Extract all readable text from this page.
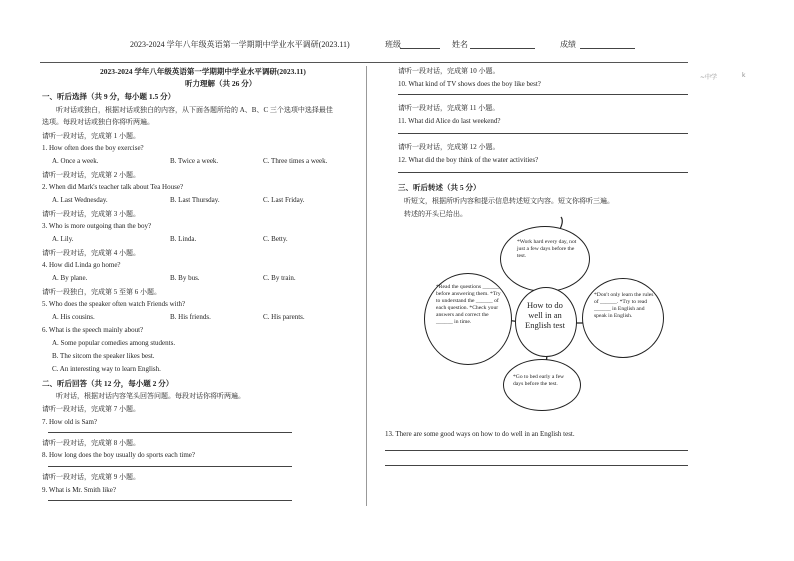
2023-2024 学年八年级英语第一学期期中学业水平调研(2023.11)	班级	姓名	成绩
~中学	k
2023-2024 学年八年级英语第一学期期中学业水平调研(2023.11)
听力理解（共 26 分）
一、听后选择（共 9 分，每小题 1.5 分）
听对话或独白，根据对话或独白的内容，从下面各题所给的 A、B、C 三个选项中选择最佳
选项。每段对话或独白你将听两遍。
请听一段对话，完成第 1 小题。
1. How often does the boy exercise?
A. Once a week.	B. Twice a week.	C. Three times a week.
请听一段对话，完成第 2 小题。
2. When did Mark's teacher talk about Tea House?
A. Last Wednesday.	B. Last Thursday.	C. Last Friday.
请听一段对话，完成第 3 小题。
3. Who is more outgoing than the boy?
A. Lily.	B. Linda.	C. Betty.
请听一段对话，完成第 4 小题。
4. How did Linda go home?
A. By plane.	B. By bus.	C. By train.
请听一段独白，完成第 5 至第 6 小题。
5. Who does the speaker often watch Friends with?
A. His cousins.	B. His friends.	C. His parents.
6. What is the speech mainly about?
A. Some popular comedies among students.
B. The sitcom the speaker likes best.
C. An interesting way to learn English.
二、听后回答（共 12 分，每小题 2 分）
听对话，根据对话内容笔头回答问题。每段对话你将听两遍。
请听一段对话，完成第 7 小题。
7. How old is Sam?
请听一段对话，完成第 8 小题。
8. How long does the boy usually do sports each time?
请听一段对话，完成第 9 小题。
9. What is Mr. Smith like?
请听一段对话，完成第 10 小题。
10. What kind of TV shows does the boy like best?
请听一段对话，完成第 11 小题。
11. What did Alice do last weekend?
请听一段对话，完成第 12 小题。
12. What did the boy think of the water activities?
三、听后转述（共 5 分）
听短文，根据所听内容和提示信息转述短文内容。短文你将听三遍。
转述的开头已给出。
*Work hard every day, not just a few days before the test.
*Read the questions ______ before answering them. *Try to understand the ______ of each question. *Check your answers and correct the ______ in time.
How to do well in an English test
*Don't only learn the rules of ______. *Try to read ______ in English and speak in English.
*Go to bed early a few days before the test.
13. There are some good ways on how to do well in an English test.
